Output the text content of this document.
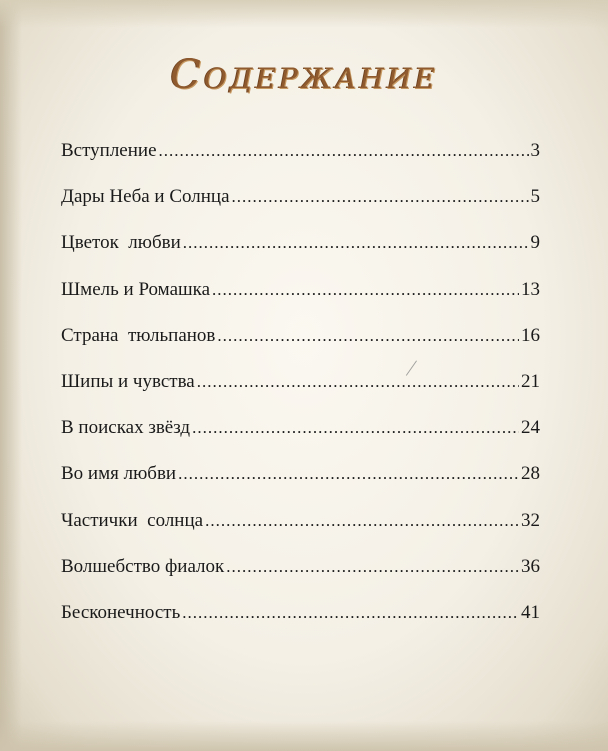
Содержание
Вступление .....	3
Дары Неба и Солнца .....	5
Цветок  любви .....	9
Шмель и Ромашка .....	13
Страна  тюльпанов .....	16
Шипы и чувства .....	21
В поисках звёзд .....	24
Во имя любви .....	28
Частички  солнца .....	32
Волшебство фиалок .....	36
Бесконечность .....	41
